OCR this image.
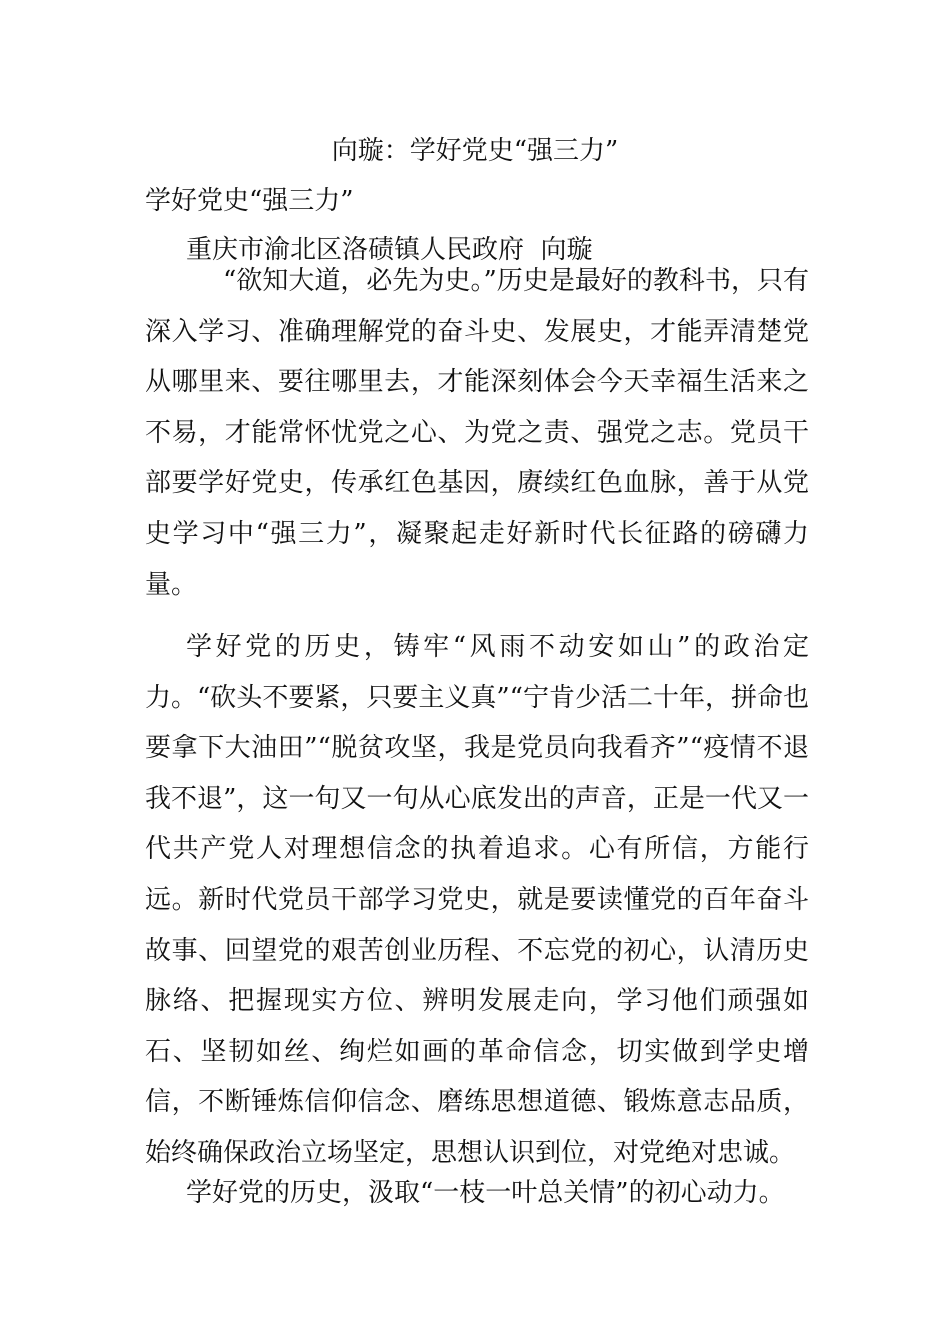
向璇：学好党史“强三力”

学好党史“强三力”

重庆市渝北区洛碛镇人民政府  向璇

“欲知大道，必先为史。”历史是最好的教科书，只有深入学习、准确理解党的奋斗史、发展史，才能弄清楚党从哪里来、要往哪里去，才能深刻体会今天幸福生活来之不易，才能常怀忧党之心、为党之责、强党之志。党员干部要学好党史，传承红色基因，赓续红色血脉，善于从党史学习中“强三力”，凝聚起走好新时代长征路的磅礴力量。

学好党的历史，铸牢“风雨不动安如山”的政治定力。“砍头不要紧，只要主义真”“宁肯少活二十年，拼命也要拿下大油田”“脱贫攻坚，我是党员向我看齐”“疫情不退我不退”，这一句又一句从心底发出的声音，正是一代又一代共产党人对理想信念的执着追求。心有所信，方能行远。新时代党员干部学习党史，就是要读懂党的百年奋斗故事、回望党的艰苦创业历程、不忘党的初心，认清历史脉络、把握现实方位、辨明发展走向，学习他们顽强如石、坚韧如丝、绚烂如画的革命信念，切实做到学史增信，不断锤炼信仰信念、磨练思想道德、锻炼意志品质，始终确保政治立场坚定，思想认识到位，对党绝对忠诚。

学好党的历史，汲取“一枝一叶总关情”的初心动力。
